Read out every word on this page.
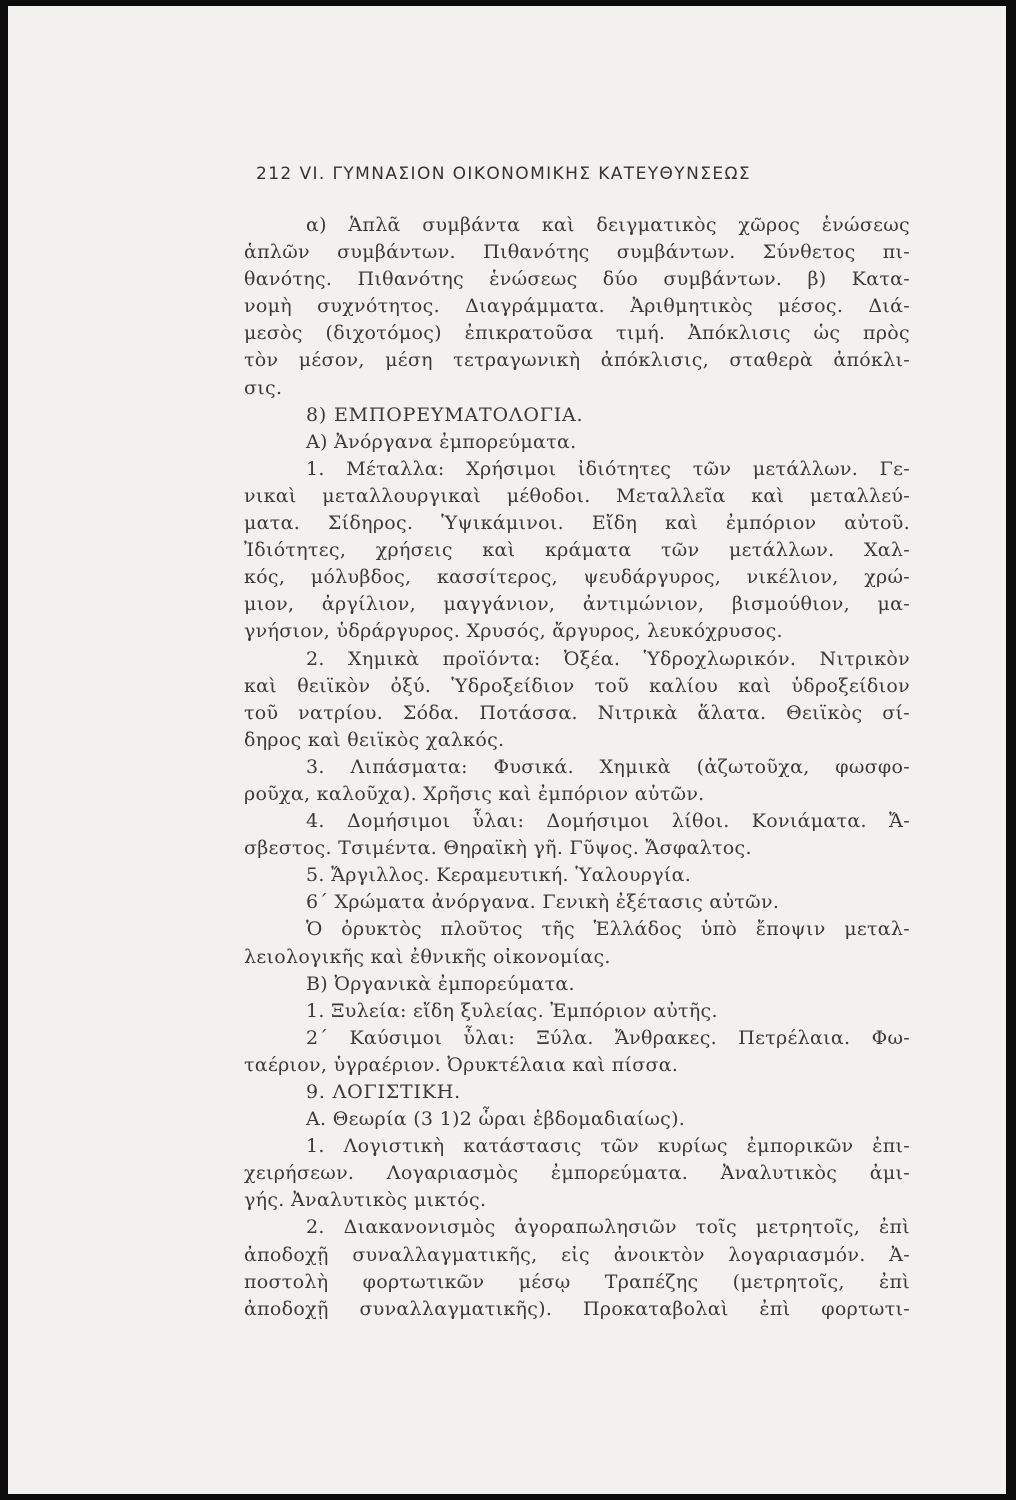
212 VI. ΓΥΜΝΑΣΙΟΝ ΟΙΚΟΝΟΜΙΚΗΣ ΚΑΤΕΥΘΥΝΣΕΩΣ
α) Ἁπλᾶ συμβάντα καὶ δειγματικὸς χῶρος ἑνώσεως
ἁπλῶν συμβάντων. Πιθανότης συμβάντων. Σύνθετος πι-
θανότης. Πιθανότης ἑνώσεως δύο συμβάντων. β) Κατα-
νομὴ συχνότητος. Διαγράμματα. Ἀριθμητικὸς μέσος. Διά-
μεσὸς (διχοτόμος) ἐπικρατοῦσα τιμή. Ἀπόκλισις ὡς πρὸς
τὸν μέσον, μέση τετραγωνικὴ ἀπόκλισις, σταθερὰ ἀπόκλι-
σις.
8) ΕΜΠΟΡΕΥΜΑΤΟΛΟΓΙΑ.
Α) Ἀνόργανα ἐμπορεύματα.
1. Μέταλλα: Χρήσιμοι ἰδιότητες τῶν μετάλλων. Γε-
νικαὶ μεταλλουργικαὶ μέθοδοι. Μεταλλεῖα καὶ μεταλλεύ-
ματα. Σίδηρος. Ὑψικάμινοι. Εἴδη καὶ ἐμπόριον αὐτοῦ.
Ἰδιότητες, χρήσεις καὶ κράματα τῶν μετάλλων. Χαλ-
κός, μόλυβδος, κασσίτερος, ψευδάργυρος, νικέλιον, χρώ-
μιον, ἀργίλιον, μαγγάνιον, ἀντιμώνιον, βισμούθιον, μα-
γνήσιον, ὑδράργυρος. Χρυσός, ἄργυρος, λευκόχρυσος.
2. Χημικὰ προϊόντα: Ὀξέα. Ὑδροχλωρικόν. Νιτρικὸν
καὶ θειϊκὸν ὀξύ. Ὑδροξείδιον τοῦ καλίου καὶ ὑδροξείδιον
τοῦ νατρίου. Σόδα. Ποτάσσα. Νιτρικὰ ἅλατα. Θειϊκὸς σί-
δηρος καὶ θειϊκὸς χαλκός.
3. Λιπάσματα: Φυσικά. Χημικὰ (ἀζωτοῦχα, φωσφο-
ροῦχα, καλοῦχα). Χρῆσις καὶ ἐμπόριον αὐτῶν.
4. Δομήσιμοι ὗλαι: Δομήσιμοι λίθοι. Κονιάματα. Ἄ-
σβεστος. Τσιμέντα. Θηραϊκὴ γῆ. Γῦψος. Ἄσφαλτος.
5. Ἄργιλλος. Κεραμευτική. Ὑαλουργία.
6΄ Χρώματα ἀνόργανα. Γενικὴ ἐξέτασις αὐτῶν.
Ὁ ὀρυκτὸς πλοῦτος τῆς Ἑλλάδος ὑπὸ ἔποψιν μεταλ-
λειολογικῆς καὶ ἐθνικῆς οἰκονομίας.
Β) Ὀργανικὰ ἐμπορεύματα.
1. Ξυλεία: εἴδη ξυλείας. Ἐμπόριον αὐτῆς.
2΄ Καύσιμοι ὗλαι: Ξύλα. Ἄνθρακες. Πετρέλαια. Φω-
ταέριον, ὑγραέριον. Ὀρυκτέλαια καὶ πίσσα.
9. ΛΟΓΙΣΤΙΚΗ.
Α. Θεωρία (3 1)2 ὧραι ἑβδομαδιαίως).
1. Λογιστικὴ κατάστασις τῶν κυρίως ἐμπορικῶν ἐπι-
χειρήσεων. Λογαριασμὸς ἐμπορεύματα. Ἀναλυτικὸς ἀμι-
γής. Ἀναλυτικὸς μικτός.
2. Διακανονισμὸς ἀγοραπωλησιῶν τοῖς μετρητοῖς, ἐπὶ
ἀποδοχῇ συναλλαγματικῆς, εἰς ἀνοικτὸν λογαριασμόν. Ἀ-
ποστολὴ φορτωτικῶν μέσῳ Τραπέζης (μετρητοῖς, ἐπὶ
ἀποδοχῇ συναλλαγματικῆς). Προκαταβολαὶ ἐπὶ φορτωτι-
